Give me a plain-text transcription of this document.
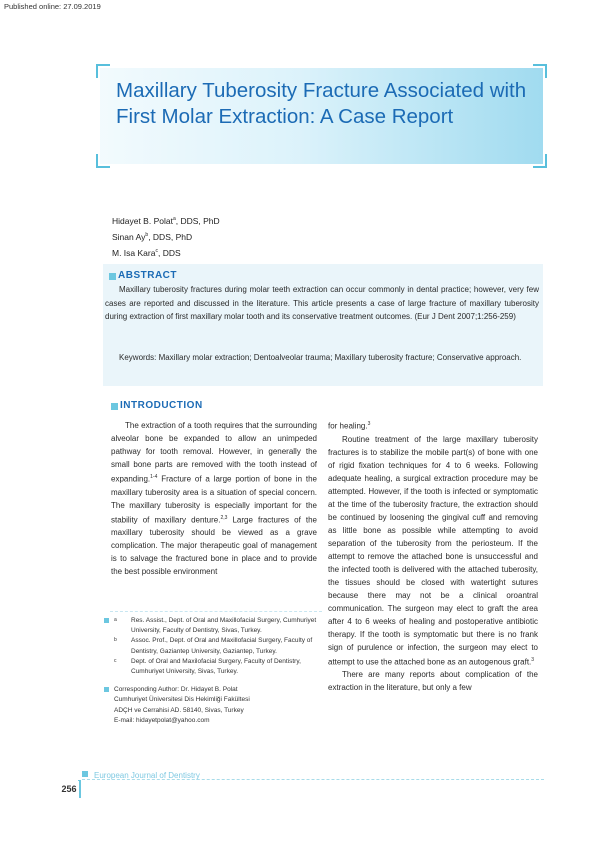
Published online: 27.09.2019
Maxillary Tuberosity Fracture Associated with First Molar Extraction: A Case Report
Hidayet B. Polat$^a$, DDS, PhD
Sinan Ay$^b$, DDS, PhD
M. Isa Kara$^c$, DDS
ABSTRACT

Maxillary tuberosity fractures during molar teeth extraction can occur commonly in dental practice; however, very few cases are reported and discussed in the literature. This article presents a case of large fracture of maxillary tuberosity during extraction of first maxillary molar tooth and its conservative treatment outcomes. (Eur J Dent 2007;1:256-259)

Keywords: Maxillary molar extraction; Dentoalveolar trauma; Maxillary tuberosity fracture; Conservative approach.

INTRODUCTION

The extraction of a tooth requires that the surrounding alveolar bone be expanded to allow an unimpeded pathway for tooth removal. However, in generally the small bone parts are removed with the tooth instead of expanding.$^{1-4}$ Fracture of a large portion of bone in the maxillary tuberosity area is a situation of special concern. The maxillary tuberosity is especially important for the stability of maxillary denture.$^{2,3}$ Large fractures of the maxillary tuberosity should be viewed as a grave complication. The major therapeutic goal of management is to salvage the fractured bone in place and to provide the best possible environment

for healing.$^3$

Routine treatment of the large maxillary tuberosity fractures is to stabilize the mobile part(s) of bone with one of rigid fixation techniques for 4 to 6 weeks. Following adequate healing, a surgical extraction procedure may be attempted. However, if the tooth is infected or symptomatic at the time of the tuberosity fracture, the extraction should be continued by loosening the gingival cuff and removing as little bone as possible while attempting to avoid separation of the tuberosity from the periosteum. If the attempt to remove the attached bone is unsuccessful and the infected tooth is delivered with the attached tuberosity, the tissues should be closed with watertight sutures because there may not be a clinical oroantral communication. The surgeon may elect to graft the area after 4 to 6 weeks of healing and postoperative antibiotic therapy. If the tooth is symptomatic but there is no frank sign of purulence or infection, the surgeon may elect to attempt to use the attached bone as an autogenous graft.$^3$

There are many reports about complication of the extraction in the literature, but only a few

a Res. Assist., Dept. of Oral and Maxillofacial Surgery, Cumhuriyet University, Faculty of Dentistry, Sivas, Turkey.
b Assoc. Prof., Dept. of Oral and Maxillofacial Surgery, Faculty of Dentistry, Gaziantep University, Gaziantep, Turkey.
c Dept. of Oral and Maxilofacial Surgery, Faculty of Dentistry, Cumhuriyet University, Sivas, Turkey.
Corresponding Author: Dr. Hidayet B. Polat
Cumhuriyet Üniversitesi Dis Hekimliği Fakültesi
ADÇH ve Cerrahisi AD. 58140, Sivas, Turkey
E-mail: hidayetpolat@yahoo.com
European Journal of Dentistry
256
